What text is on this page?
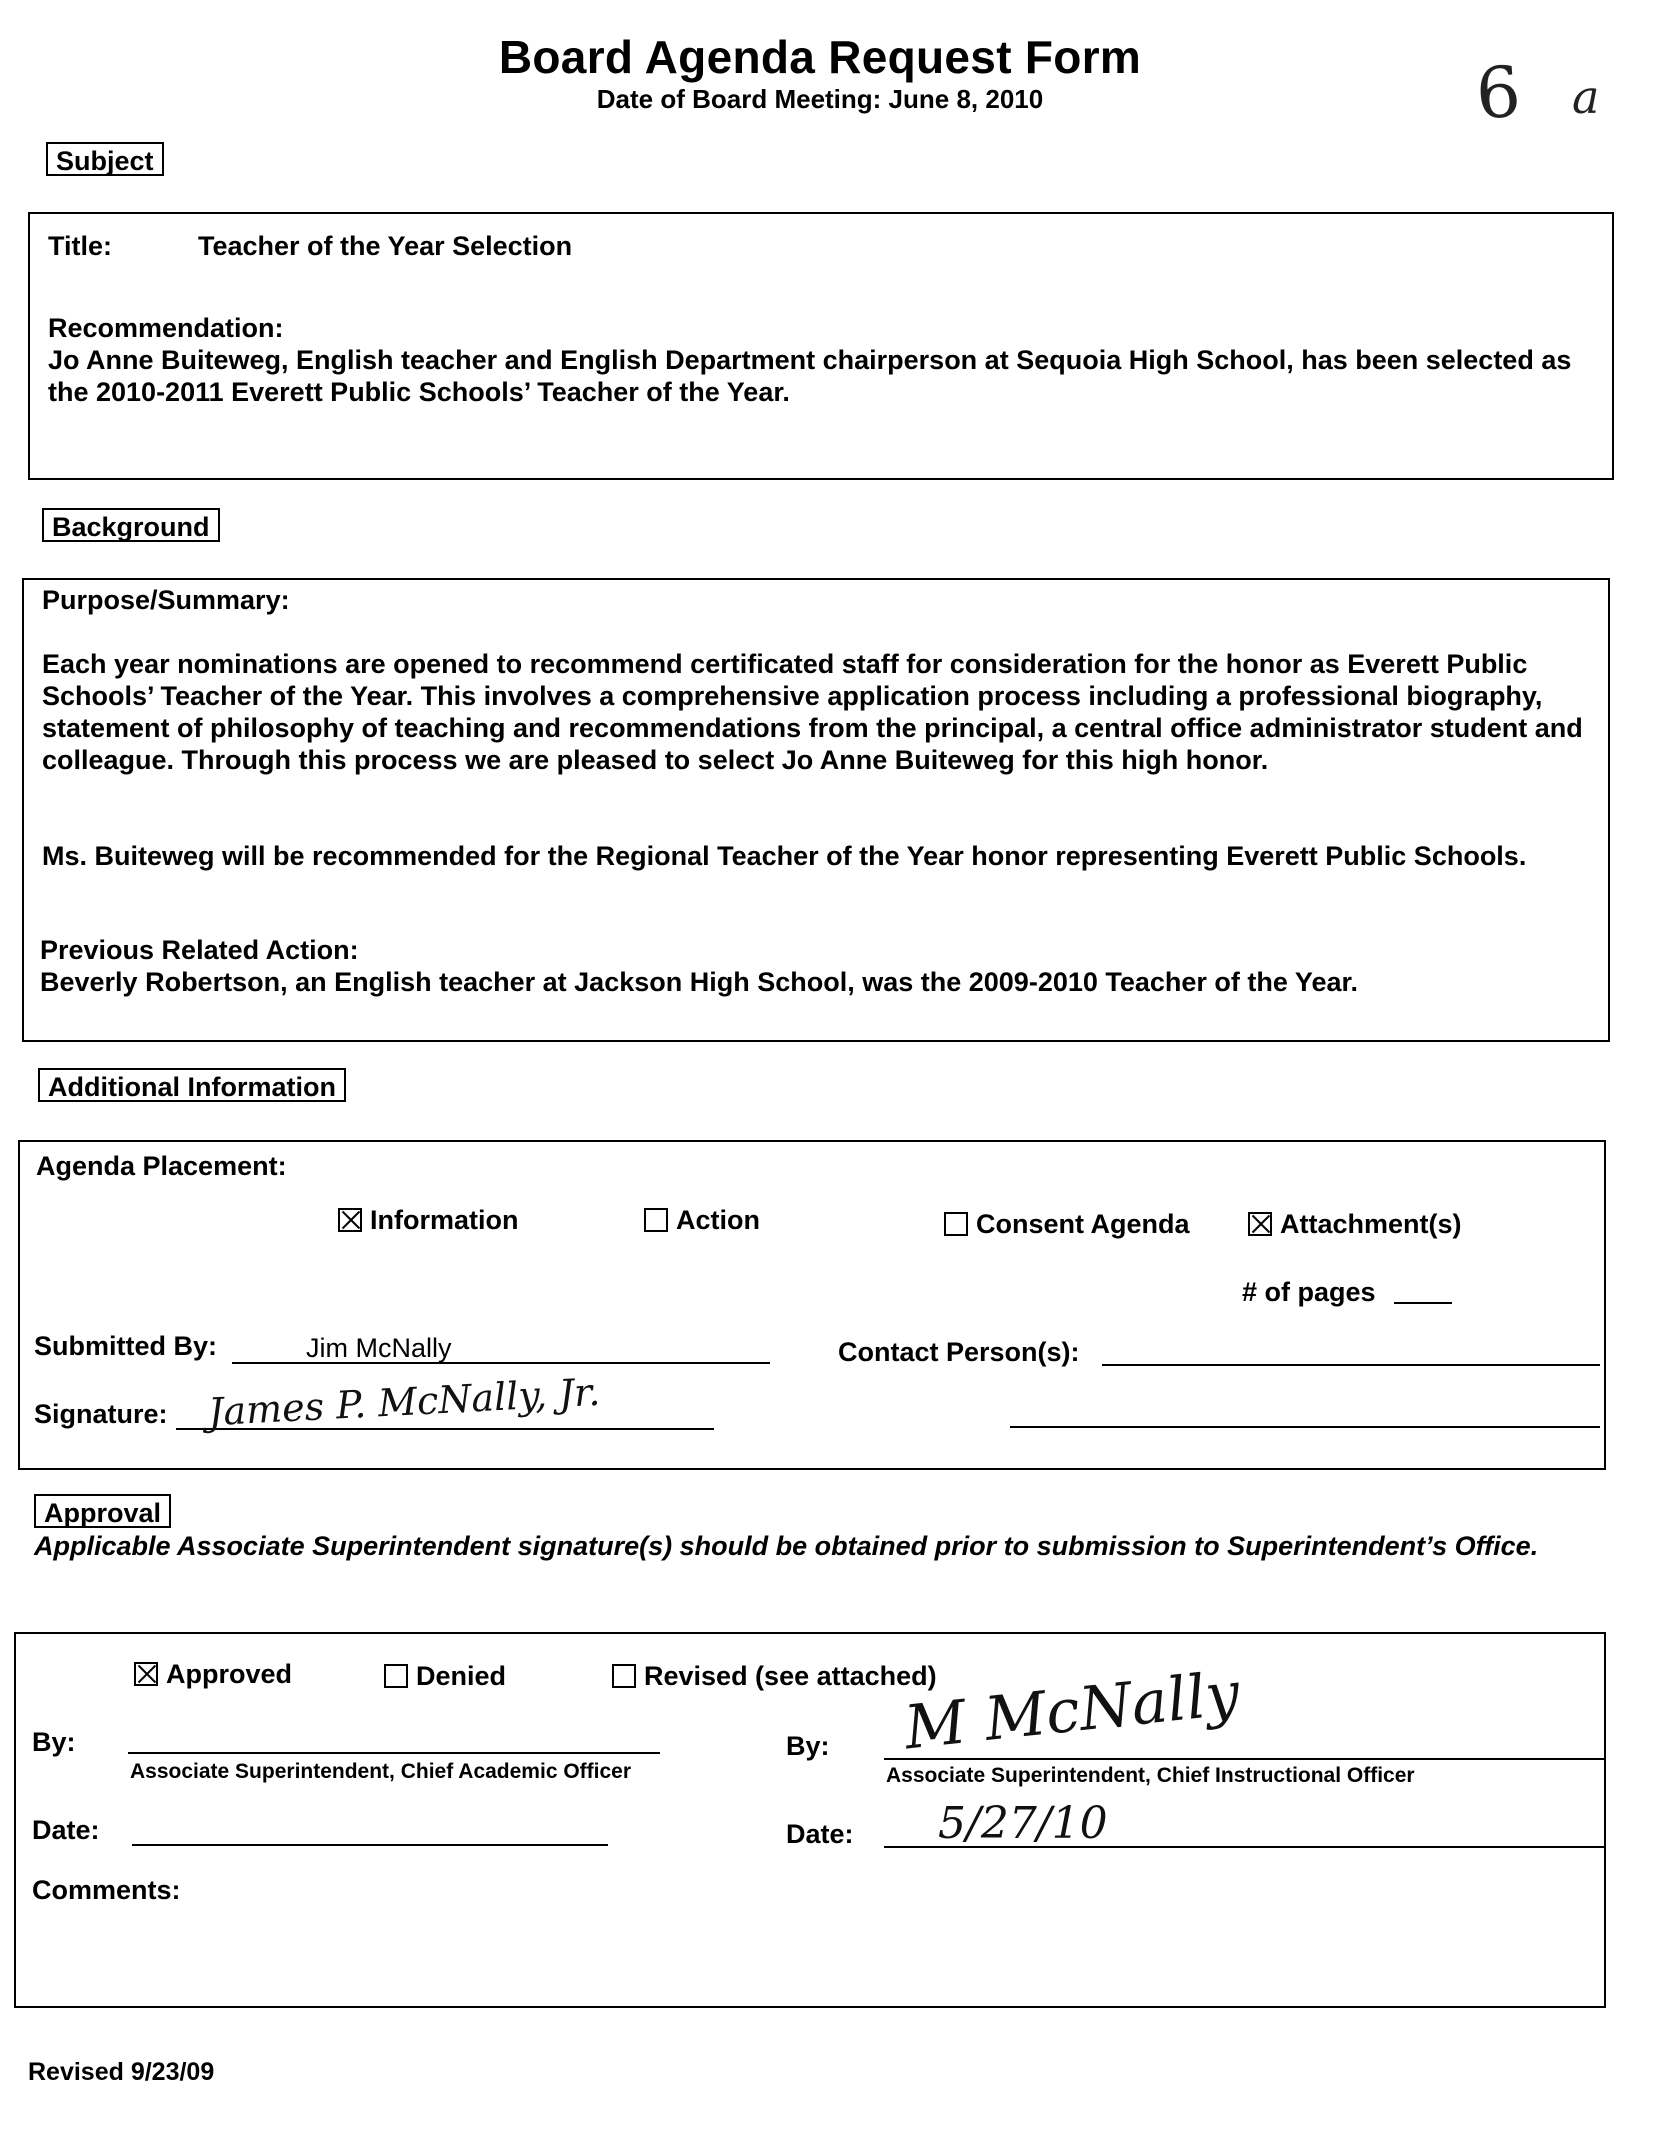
Board Agenda Request Form
Date of Board Meeting: June 8, 2010	6 a
Subject
Title:	Teacher of the Year Selection
Recommendation:
Jo Anne Buiteweg, English teacher and English Department chairperson at Sequoia High School, has been selected as the 2010-2011 Everett Public Schools’ Teacher of the Year.
Background
Purpose/Summary:
Each year nominations are opened to recommend certificated staff for consideration for the honor as Everett Public Schools’ Teacher of the Year. This involves a comprehensive application process including a professional biography, statement of philosophy of teaching and recommendations from the principal, a central office administrator student and colleague. Through this process we are pleased to select Jo Anne Buiteweg for this high honor.
Ms. Buiteweg will be recommended for the Regional Teacher of the Year honor representing Everett Public Schools.
Previous Related Action:
Beverly Robertson, an English teacher at Jackson High School, was the 2009-2010 Teacher of the Year.
Additional Information
Agenda Placement:
Information	Action	Consent Agenda	Attachment(s)
# of pages
Submitted By:	Jim McNally	Contact Person(s):
Signature: James P. McNally, Jr.
Approval
Applicable Associate Superintendent signature(s) should be obtained prior to submission to Superintendent’s Office.
Approved	Denied	Revised (see attached)
By:
Associate Superintendent, Chief Academic Officer
By: M McNally
Associate Superintendent, Chief Instructional Officer
Date:	Date: 5/27/10
Comments:
Revised 9/23/09
